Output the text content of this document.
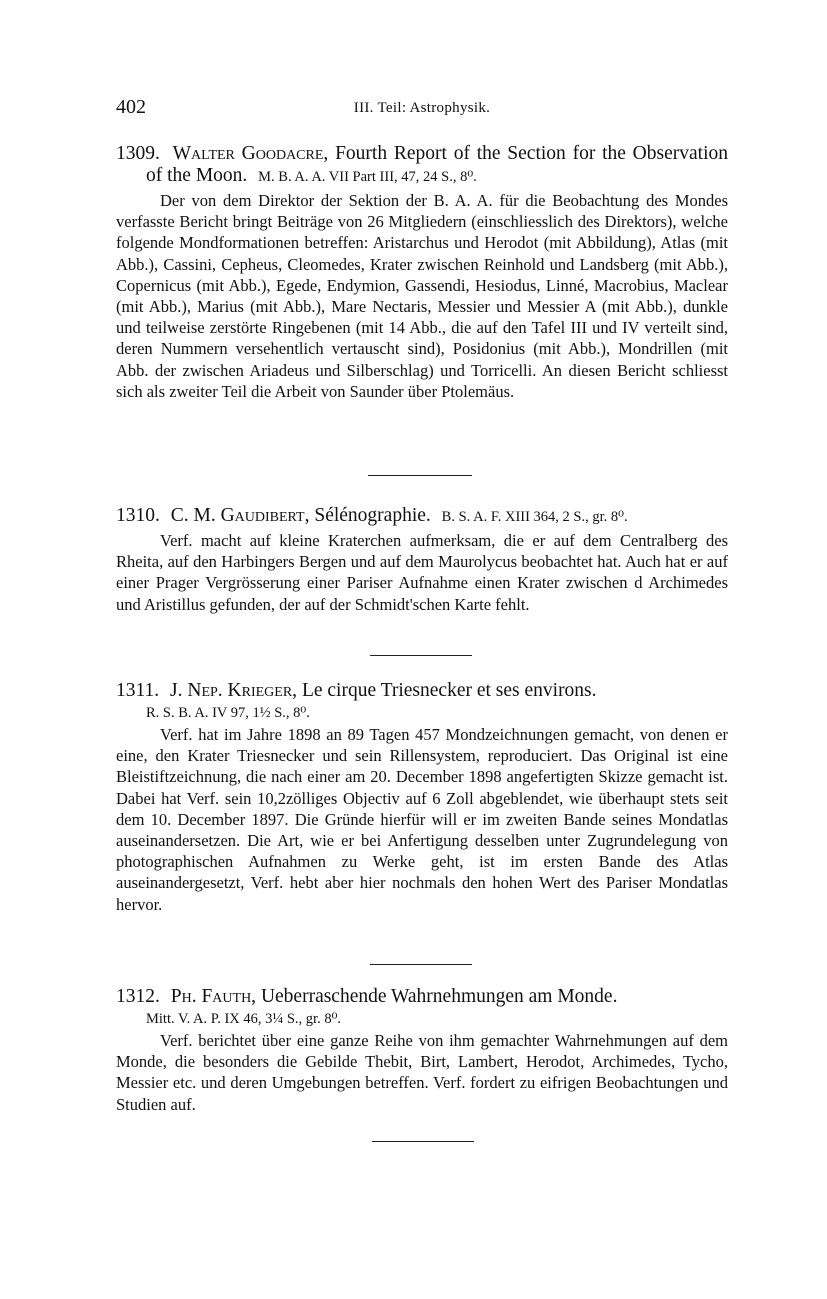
402	III. Teil: Astrophysik.

1309. Walter Goodacre, Fourth Report of the Section for the Observation of the Moon. M. B. A. A. VII Part III, 47, 24 S., 8⁰.

Der von dem Direktor der Sektion der B. A. A. für die Beobachtung des Mondes verfasste Bericht bringt Beiträge von 26 Mitgliedern (einschliesslich des Direktors), welche folgende Mondformationen betreffen: Aristarchus und Herodot (mit Abbildung), Atlas (mit Abb.), Cassini, Cepheus, Cleomedes, Krater zwischen Reinhold und Landsberg (mit Abb.), Copernicus (mit Abb.), Egede, Endymion, Gassendi, Hesiodus, Linné, Macrobius, Maclear (mit Abb.), Marius (mit Abb.), Mare Nectaris, Messier und Messier A (mit Abb.), dunkle und teilweise zerstörte Ringebenen (mit 14 Abb., die auf den Tafel III und IV verteilt sind, deren Nummern versehentlich vertauscht sind), Posidonius (mit Abb.), Mondrillen (mit Abb. der zwischen Ariadeus und Silberschlag) und Torricelli. An diesen Bericht schliesst sich als zweiter Teil die Arbeit von Saunder über Ptolemäus.

1310. C. M. Gaudibert, Sélénographie. B. S. A. F. XIII 364, 2 S., gr. 8⁰.

Verf. macht auf kleine Kraterchen aufmerksam, die er auf dem Centralberg des Rheita, auf den Harbingers Bergen und auf dem Maurolycus beobachtet hat. Auch hat er auf einer Prager Vergrösserung einer Pariser Aufnahme einen Krater zwischen d Archimedes und Aristillus gefunden, der auf der Schmidt'schen Karte fehlt.

1311. J. Nep. Krieger, Le cirque Triesnecker et ses environs.

R. S. B. A. IV 97, 1½ S., 8⁰.

Verf. hat im Jahre 1898 an 89 Tagen 457 Mondzeichnungen gemacht, von denen er eine, den Krater Triesnecker und sein Rillensystem, reproduciert. Das Original ist eine Bleistiftzeichnung, die nach einer am 20. December 1898 angefertigten Skizze gemacht ist. Dabei hat Verf. sein 10,2zölliges Objectiv auf 6 Zoll abgeblendet, wie überhaupt stets seit dem 10. December 1897. Die Gründe hierfür will er im zweiten Bande seines Mondatlas auseinandersetzen. Die Art, wie er bei Anfertigung desselben unter Zugrundelegung von photographischen Aufnahmen zu Werke geht, ist im ersten Bande des Atlas auseinandergesetzt, Verf. hebt aber hier nochmals den hohen Wert des Pariser Mondatlas hervor.

1312. Ph. Fauth, Ueberraschende Wahrnehmungen am Monde.

Mitt. V. A. P. IX 46, 3¼ S., gr. 8⁰.

Verf. berichtet über eine ganze Reihe von ihm gemachter Wahrnehmungen auf dem Monde, die besonders die Gebilde Thebit, Birt, Lambert, Herodot, Archimedes, Tycho, Messier etc. und deren Umgebungen betreffen. Verf. fordert zu eifrigen Beobachtungen und Studien auf.
